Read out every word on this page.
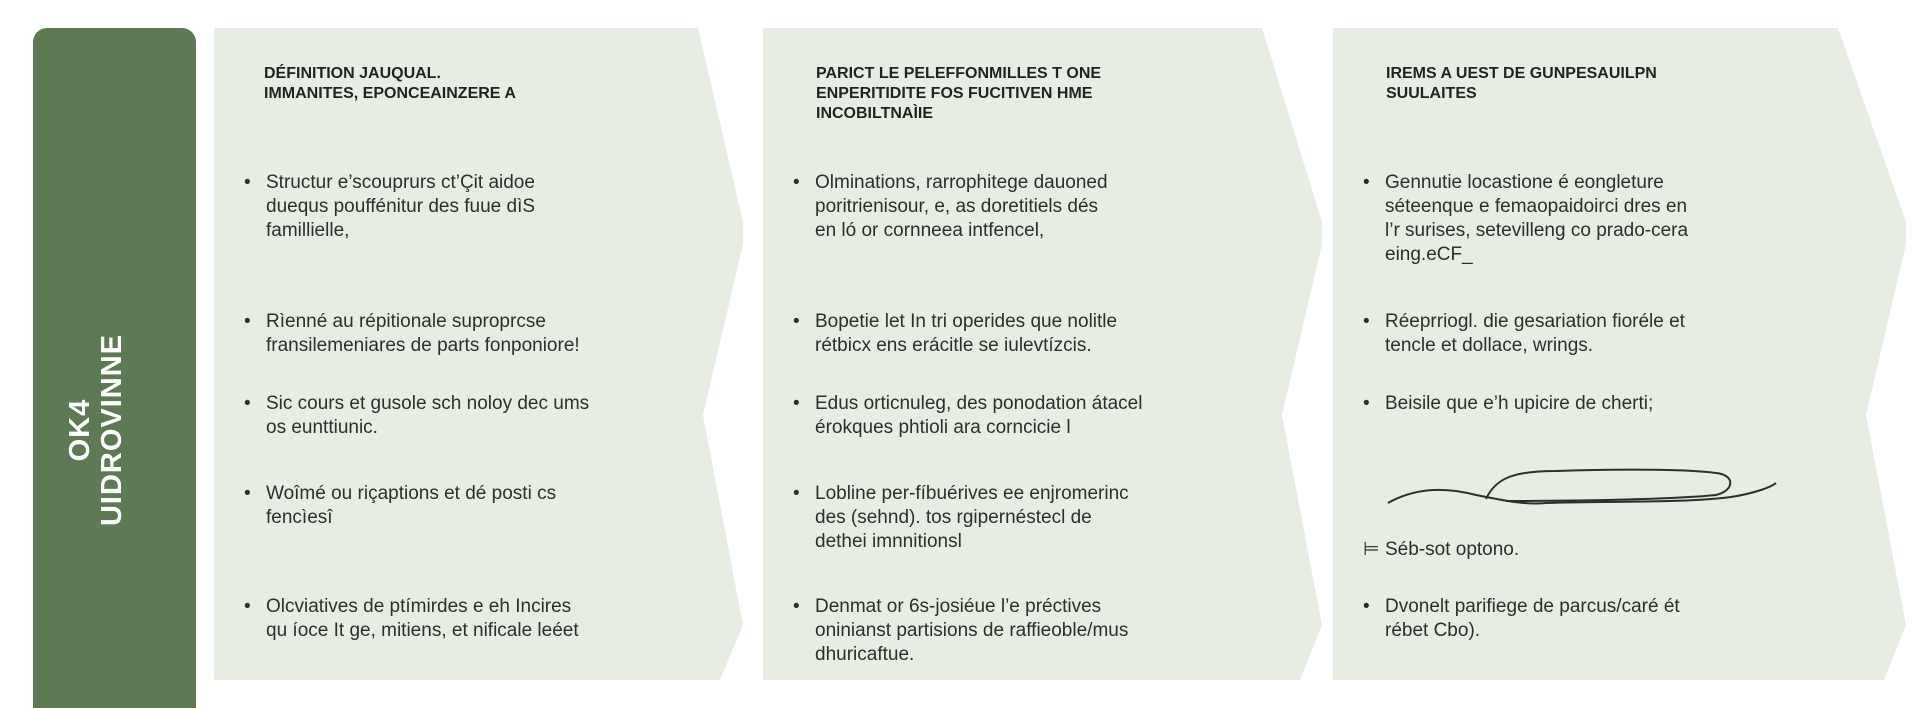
OK4 UIDROVINNE
DÉFINITION JAUQUAL.
IMMANITES, EPONCEAINZERE A
• Structur e’scouprurs ct’Çit aidoe
duequs pouffénitur des fuue dìS
famillielle,
• Rìenné au répitionale suproprcse
fransilemeniares de parts fonponiore!
• Sic cours et gusole sch noloy dec ums
os eunttiunic.
• Woîmé ou riçaptions et dé posti cs
fencìesî
• Olcviatives de ptímirdes e eh Incires
qu íoce It ge, mitiens, et nificale leéet
PARICT LE PELEFFONMILLES T ONE
ENPERITIDITE FOS FUCITIVEN HME
INCOBILTNAÌIE
• Olminations, rarrophitege dauoned
poritrienisour, e, as doretitiels dés
en ló or cornneea intfencel,
• Bopetie let In tri operides que nolitle
rétbicx ens erácitle se iulevtízcis.
• Edus orticnuleg, des ponodation átacel
érokques phtioli ara corncicie l
• Lobline per-fíbuérives ee enjromerinc
des (sehnd). tos rgipernéstecl de
dethei imnnitionsl
• Denmat or 6s-josiéue l’e préctives
oninianst partisions de raffieoble/mus
dhuricaftue.
IREMS A UEST DE GUNPESAUILPN
SUULAITES
• Gennutie locastione é eongleture
séteenque e femaopaidoirci dres en
l’r surises, setevilleng co prado-cera
eing.eCF_
• Réeprriogl. die gesariation fioréle et
tencle et dollace, wrings.
• Beisile que e’h upicire de cherti;
⊨ Séb-sot optono.
• Dvonelt parifiege de parcus/caré ét
rébet Cbo).
